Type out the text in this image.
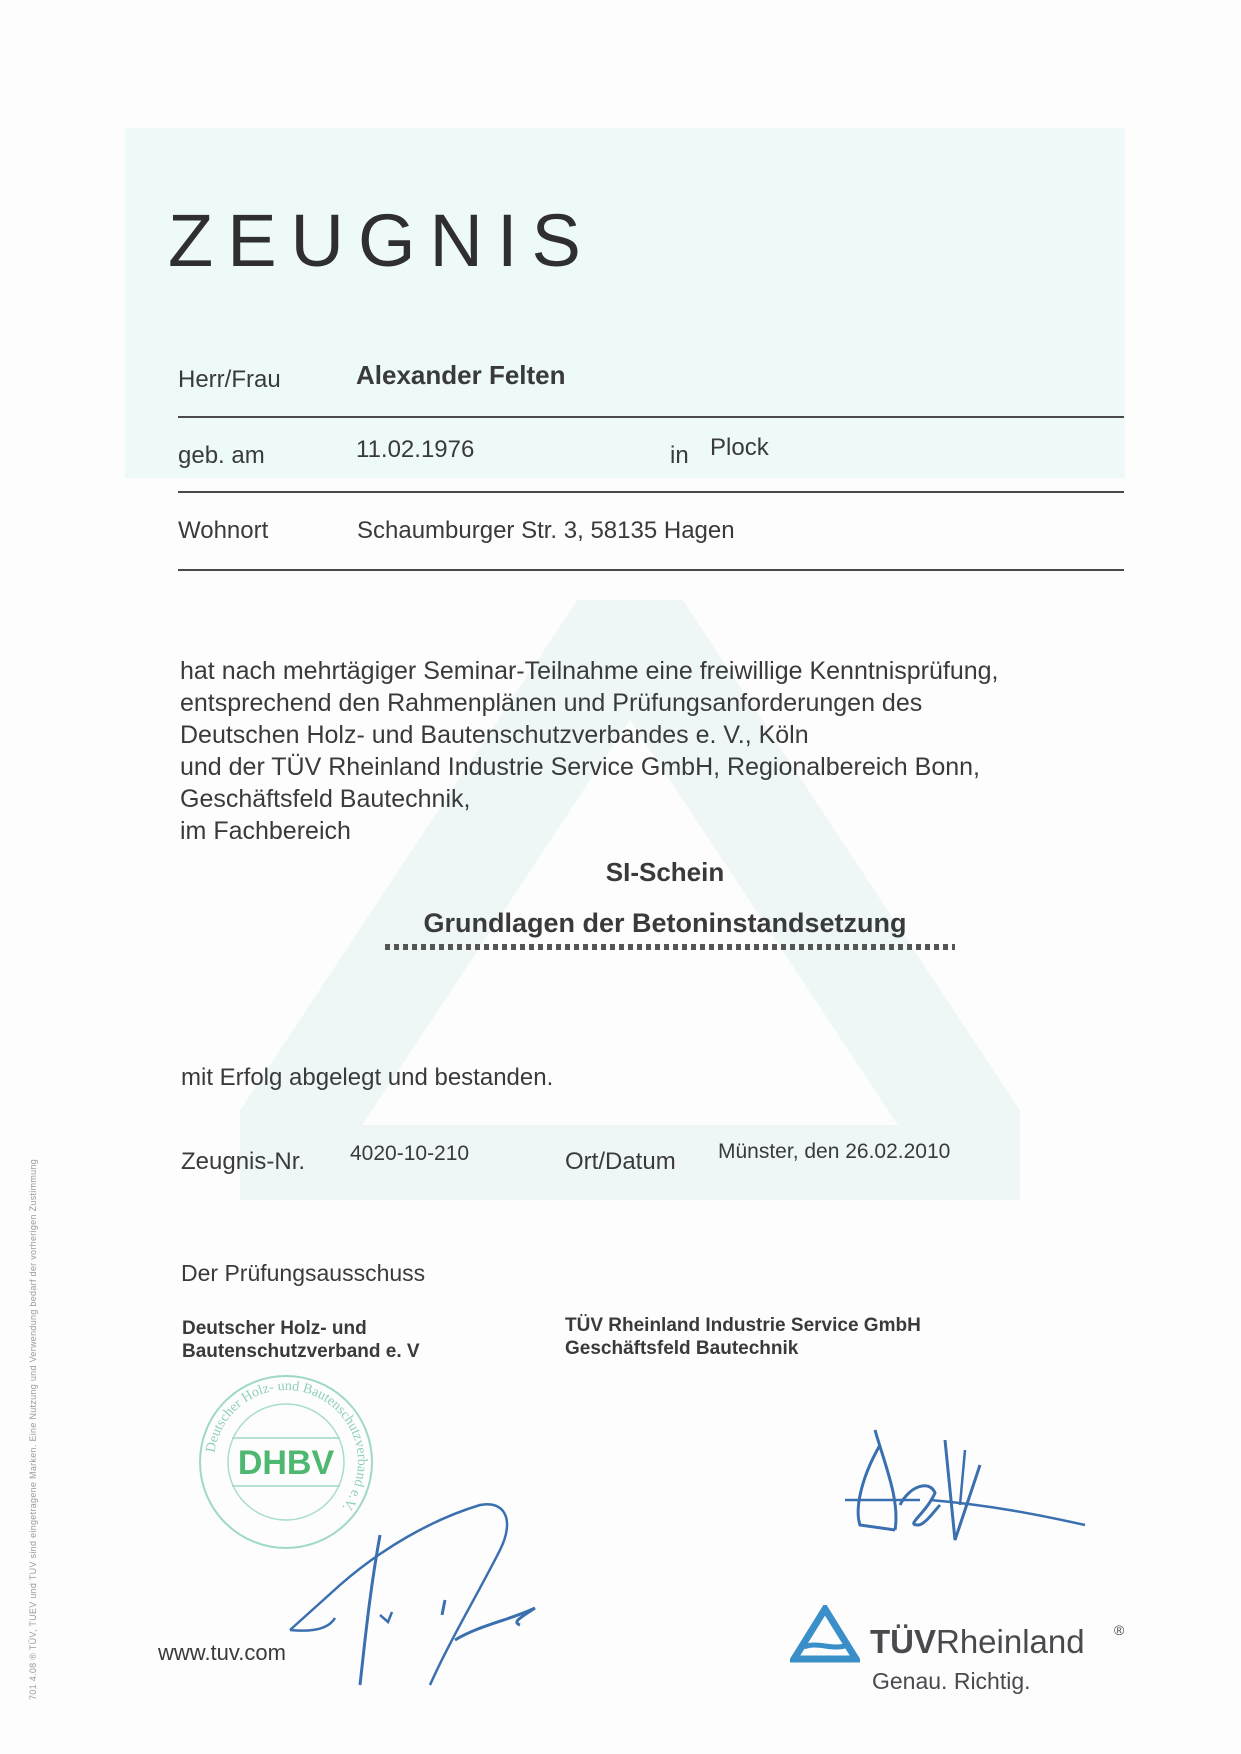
ZEUGNIS
Herr/Frau	Alexander Felten
geb. am	11.02.1976	in Plock
Wohnort	Schaumburger Str. 3, 58135 Hagen
hat nach mehrtägiger Seminar-Teilnahme eine freiwillige Kenntnisprüfung,
entsprechend den Rahmenplänen und Prüfungsanforderungen des
Deutschen Holz- und Bautenschutzverbandes e. V., Köln
und der TÜV Rheinland Industrie Service GmbH, Regionalbereich Bonn,
Geschäftsfeld Bautechnik,
im Fachbereich
SI-Schein
Grundlagen der Betoninstandsetzung
mit Erfolg abgelegt und bestanden.
Zeugnis-Nr. 4020-10-210	Ort/Datum Münster, den 26.02.2010
Der Prüfungsausschuss
Deutscher Holz- und
Bautenschutzverband e. V
TÜV Rheinland Industrie Service GmbH
Geschäftsfeld Bautechnik
Deutscher Holz- und Bautenschutzverband e.V.
DHBV
www.tuv.com	TÜVRheinland ®
Genau. Richtig.
701 4.08 ® TÜV, TUEV und TUV sind eingetragene Marken. Eine Nutzung und Verwendung bedarf der vorherigen Zustimmung
